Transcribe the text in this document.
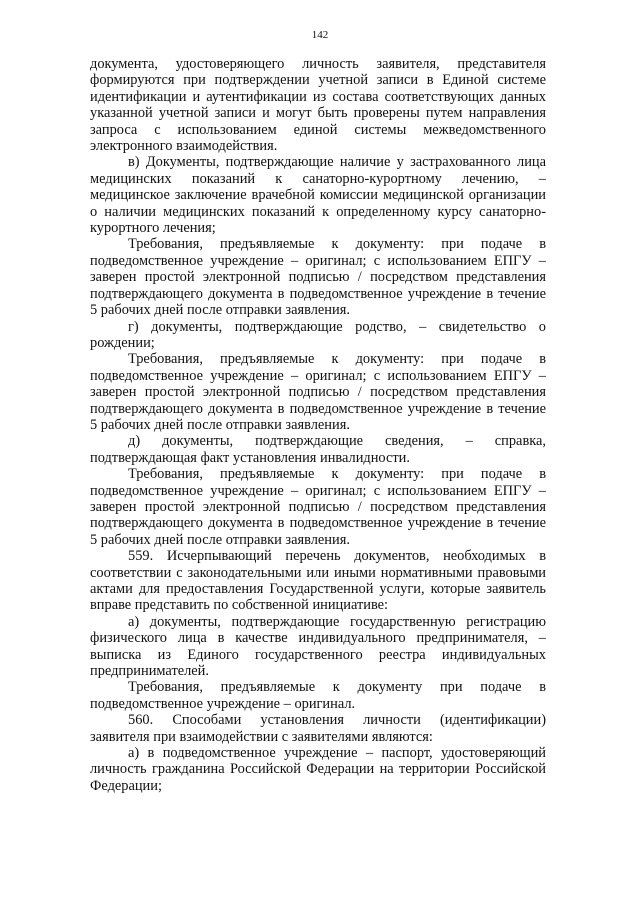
142

документа, удостоверяющего личность заявителя, представителя формируются при подтверждении учетной записи в Единой системе идентификации и аутентификации из состава соответствующих данных указанной учетной записи и могут быть проверены путем направления запроса с использованием единой системы межведомственного электронного взаимодействия.

в) Документы, подтверждающие наличие у застрахованного лица медицинских показаний к санаторно-курортному лечению, – медицинское заключение врачебной комиссии медицинской организации о наличии медицинских показаний к определенному курсу санаторно-курортного лечения;

Требования, предъявляемые к документу: при подаче в подведомственное учреждение – оригинал; с использованием ЕПГУ – заверен простой электронной подписью / посредством представления подтверждающего документа в подведомственное учреждение в течение 5 рабочих дней после отправки заявления.

г) документы, подтверждающие родство, – свидетельство о рождении;

Требования, предъявляемые к документу: при подаче в подведомственное учреждение – оригинал; с использованием ЕПГУ – заверен простой электронной подписью / посредством представления подтверждающего документа в подведомственное учреждение в течение 5 рабочих дней после отправки заявления.

д) документы, подтверждающие сведения, – справка, подтверждающая факт установления инвалидности.

Требования, предъявляемые к документу: при подаче в подведомственное учреждение – оригинал; с использованием ЕПГУ – заверен простой электронной подписью / посредством представления подтверждающего документа в подведомственное учреждение в течение 5 рабочих дней после отправки заявления.

559. Исчерпывающий перечень документов, необходимых в соответствии с законодательными или иными нормативными правовыми актами для предоставления Государственной услуги, которые заявитель вправе представить по собственной инициативе:

а) документы, подтверждающие государственную регистрацию физического лица в качестве индивидуального предпринимателя, – выписка из Единого государственного реестра индивидуальных предпринимателей.

Требования, предъявляемые к документу при подаче в подведомственное учреждение – оригинал.

560. Способами установления личности (идентификации) заявителя при взаимодействии с заявителями являются:

а) в подведомственное учреждение – паспорт, удостоверяющий личность гражданина Российской Федерации на территории Российской Федерации;
